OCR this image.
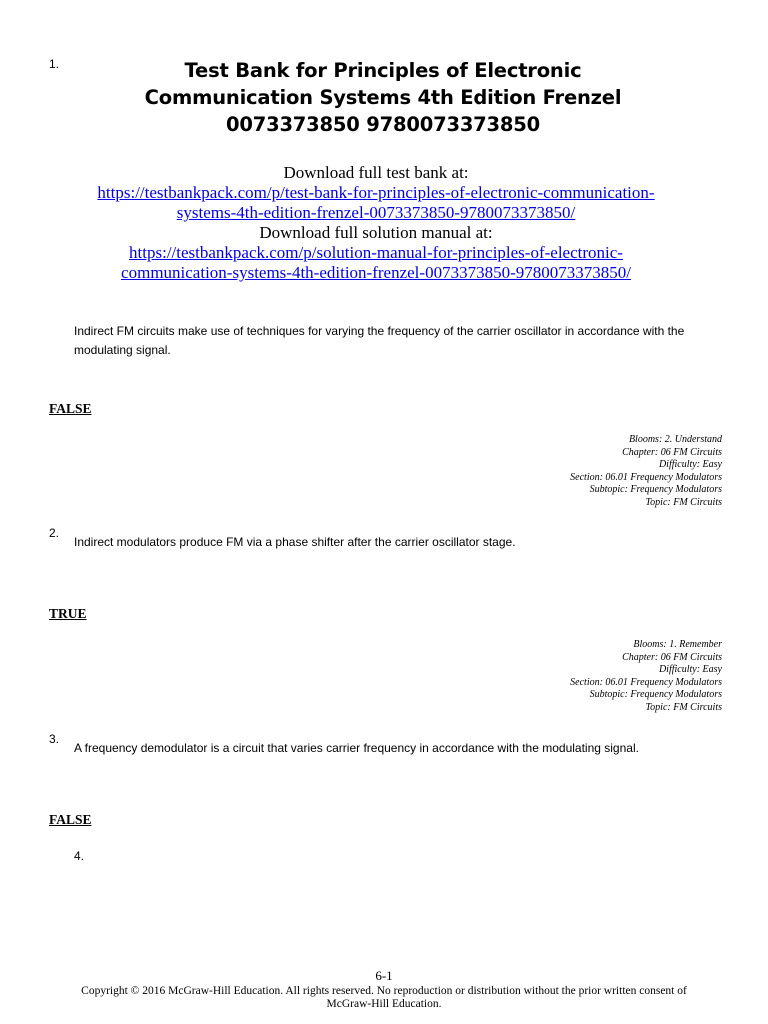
1.	Test Bank for Principles of Electronic
Communication Systems 4th Edition Frenzel
0073373850 9780073373850
Download full test bank at:
https://testbankpack.com/p/test-bank-for-principles-of-electronic-communication-
systems-4th-edition-frenzel-0073373850-9780073373850/
Download full solution manual at:
https://testbankpack.com/p/solution-manual-for-principles-of-electronic-
communication-systems-4th-edition-frenzel-0073373850-9780073373850/
Indirect FM circuits make use of techniques for varying the frequency of the carrier oscillator in accordance with the modulating signal.
FALSE
Blooms: 2. Understand
Chapter: 06 FM Circuits
Difficulty: Easy
Section: 06.01 Frequency Modulators
Subtopic: Frequency Modulators
Topic: FM Circuits
2.
Indirect modulators produce FM via a phase shifter after the carrier oscillator stage.
TRUE
Blooms: 1. Remember
Chapter: 06 FM Circuits
Difficulty: Easy
Section: 06.01 Frequency Modulators
Subtopic: Frequency Modulators
Topic: FM Circuits
3.
A frequency demodulator is a circuit that varies carrier frequency in accordance with the modulating signal.
FALSE
4.
6-1
Copyright © 2016 McGraw-Hill Education. All rights reserved. No reproduction or distribution without the prior written consent of
McGraw-Hill Education.
